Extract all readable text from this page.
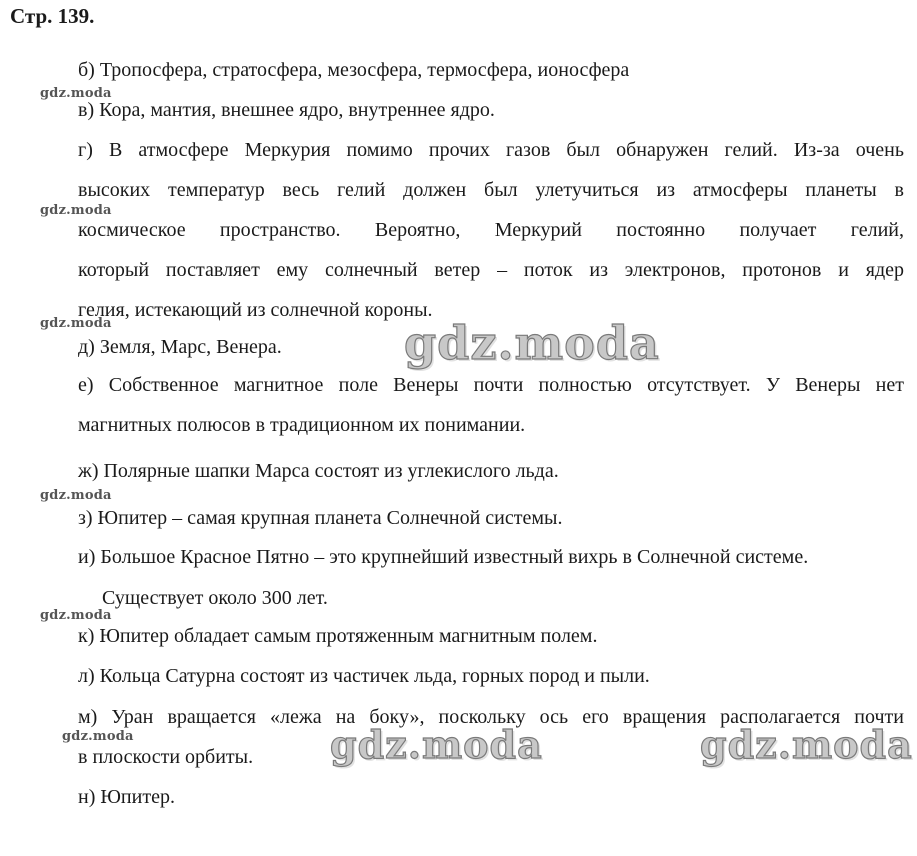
Стр. 139.
б) Тропосфера, стратосфера, мезосфера, термосфера, ионосфера
в) Кора, мантия, внешнее ядро, внутреннее ядро.
г) В атмосфере Меркурия помимо прочих газов был обнаружен гелий. Из-за очень
высоких температур весь гелий должен был улетучиться из атмосферы планеты в
космическое пространство. Вероятно, Меркурий постоянно получает гелий,
который поставляет ему солнечный ветер – поток из электронов, протонов и ядер
гелия, истекающий из солнечной короны.
д) Земля, Марс, Венера.
е) Собственное магнитное поле Венеры почти полностью отсутствует. У Венеры нет
магнитных полюсов в традиционном их понимании.
ж) Полярные шапки Марса состоят из углекислого льда.
з) Юпитер – самая крупная планета Солнечной системы.
и) Большое Красное Пятно – это крупнейший известный вихрь в Солнечной системе.
Существует около 300 лет.
к) Юпитер обладает самым протяженным магнитным полем.
л) Кольца Сатурна состоят из частичек льда, горных пород и пыли.
м) Уран вращается «лежа на боку», поскольку ось его вращения располагается почти
в плоскости орбиты.
н) Юпитер.
gdz.moda
gdz.moda
gdz.moda
gdz.moda
gdz.moda
gdz.moda
gdz.moda
gdz.moda	gdz.moda
